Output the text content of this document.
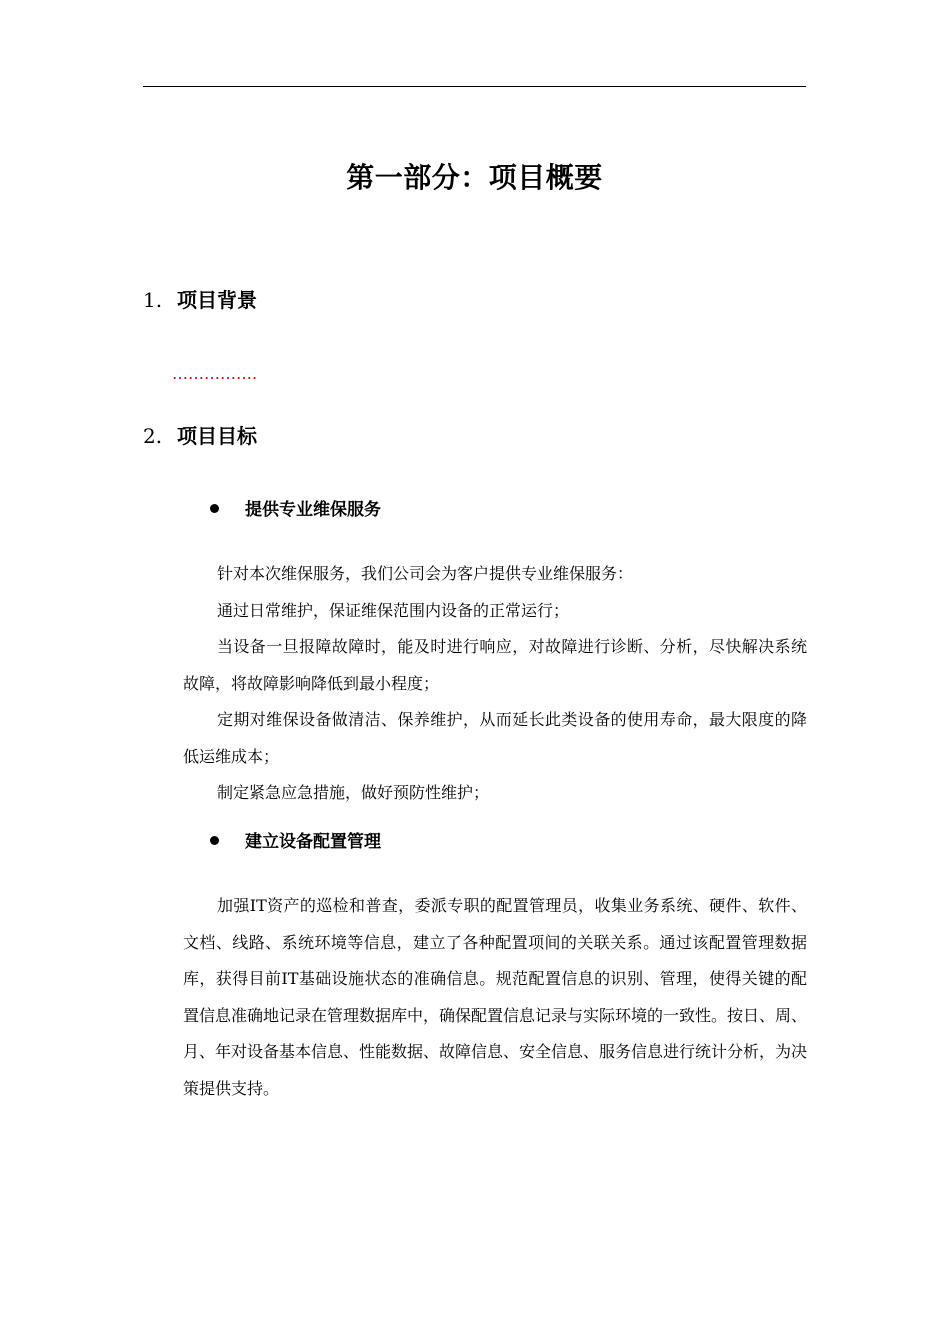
第一部分：项目概要
1. 项目背景
…………….
2. 项目目标
提供专业维保服务

针对本次维保服务，我们公司会为客户提供专业维保服务：

通过日常维护，保证维保范围内设备的正常运行；

当设备一旦报障故障时，能及时进行响应，对故障进行诊断、分析，尽快解决系统故障，将故障影响降低到最小程度；

定期对维保设备做清洁、保养维护，从而延长此类设备的使用寿命，最大限度的降低运维成本；

制定紧急应急措施，做好预防性维护；

建立设备配置管理

加强IT资产的巡检和普查，委派专职的配置管理员，收集业务系统、硬件、软件、文档、线路、系统环境等信息，建立了各种配置项间的关联关系。通过该配置管理数据库，获得目前IT基础设施状态的准确信息。规范配置信息的识别、管理，使得关键的配置信息准确地记录在管理数据库中，确保配置信息记录与实际环境的一致性。按日、周、月、年对设备基本信息、性能数据、故障信息、安全信息、服务信息进行统计分析，为决策提供支持。
